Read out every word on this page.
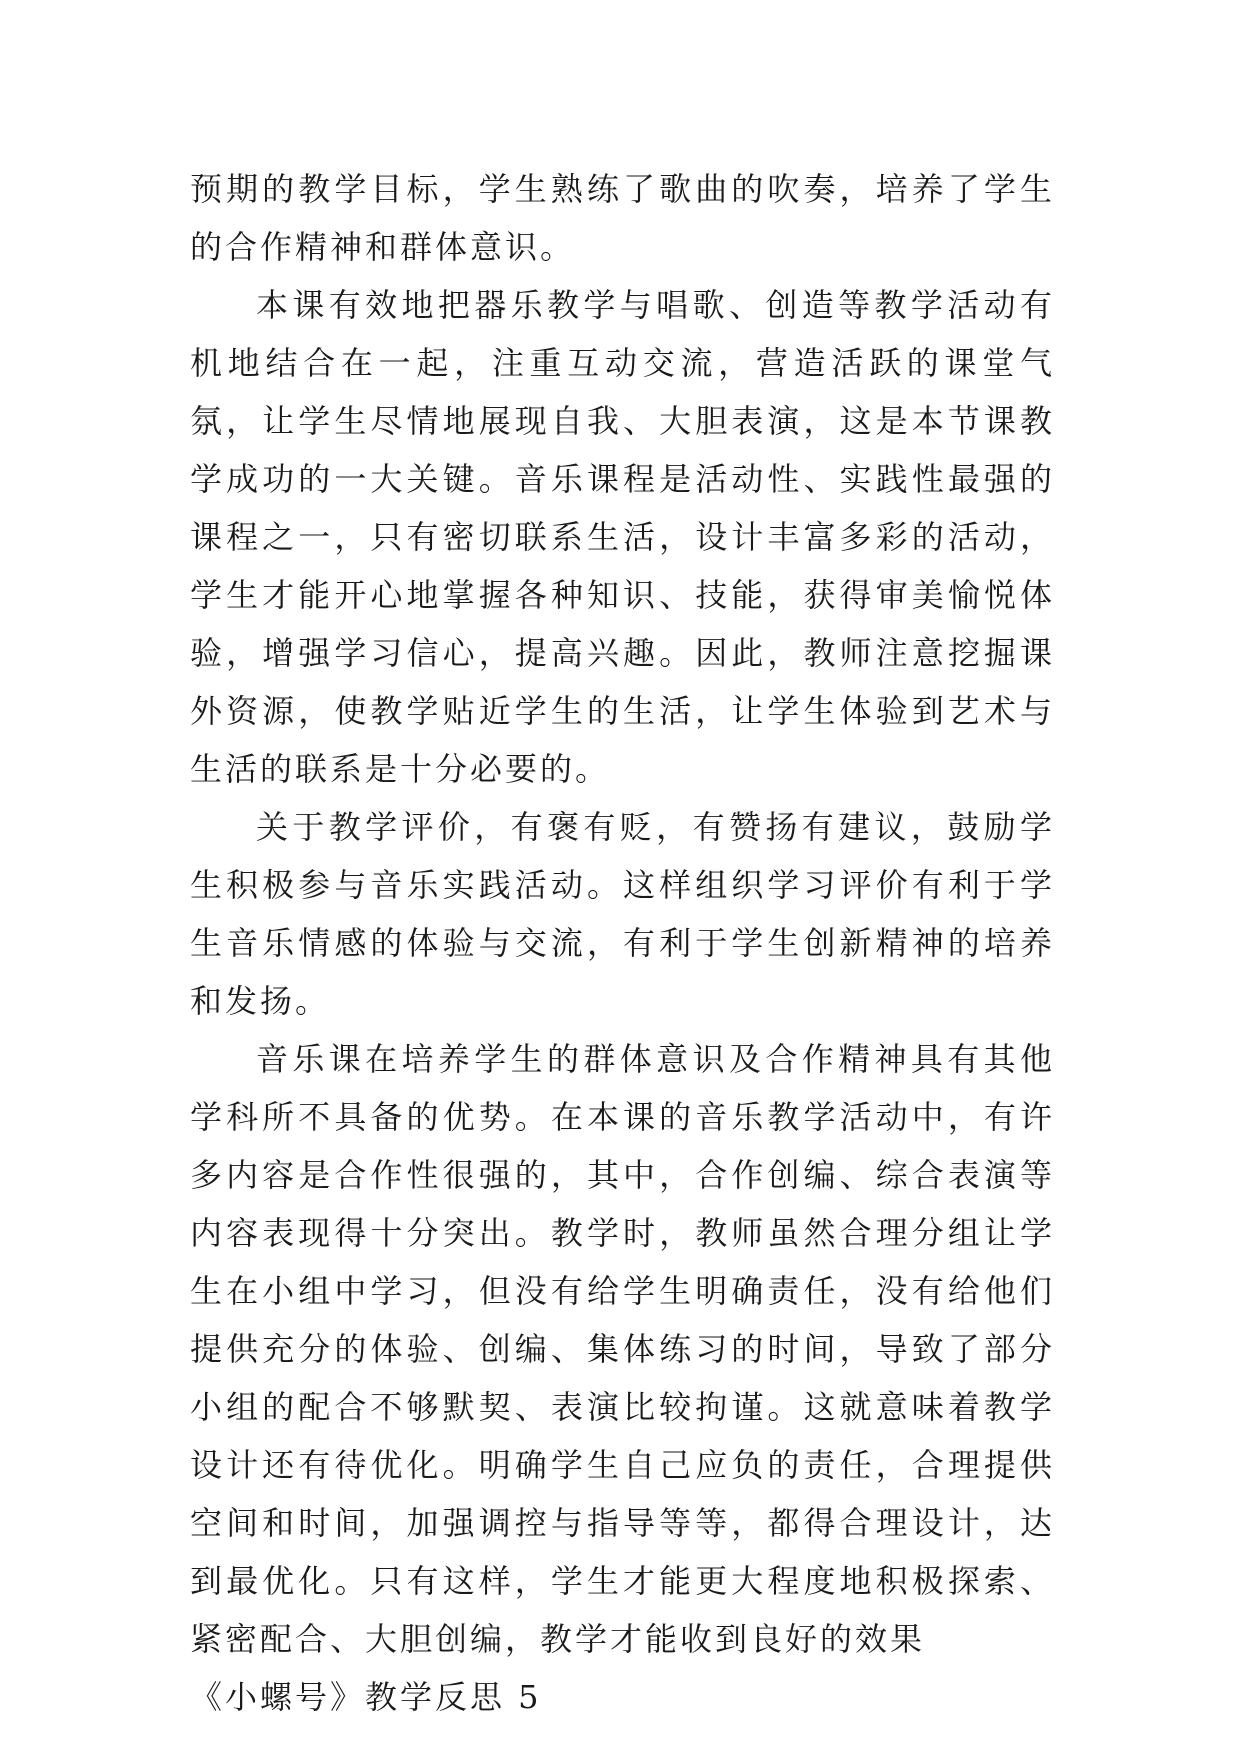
预期的教学目标，学生熟练了歌曲的吹奏，培养了学生的合作精神和群体意识。

本课有效地把器乐教学与唱歌、创造等教学活动有机地结合在一起，注重互动交流，营造活跃的课堂气氛，让学生尽情地展现自我、大胆表演，这是本节课教学成功的一大关键。音乐课程是活动性、实践性最强的课程之一，只有密切联系生活，设计丰富多彩的活动，学生才能开心地掌握各种知识、技能，获得审美愉悦体验，增强学习信心，提高兴趣。因此，教师注意挖掘课外资源，使教学贴近学生的生活，让学生体验到艺术与生活的联系是十分必要的。

关于教学评价，有褒有贬，有赞扬有建议，鼓励学生积极参与音乐实践活动。这样组织学习评价有利于学生音乐情感的体验与交流，有利于学生创新精神的培养和发扬。

音乐课在培养学生的群体意识及合作精神具有其他学科所不具备的优势。在本课的音乐教学活动中，有许多内容是合作性很强的，其中，合作创编、综合表演等内容表现得十分突出。教学时，教师虽然合理分组让学生在小组中学习，但没有给学生明确责任，没有给他们提供充分的体验、创编、集体练习的时间，导致了部分小组的配合不够默契、表演比较拘谨。这就意味着教学设计还有待优化。明确学生自己应负的责任，合理提供空间和时间，加强调控与指导等等，都得合理设计，达到最优化。只有这样，学生才能更大程度地积极探索、紧密配合、大胆创编，教学才能收到良好的效果

《小螺号》教学反思 5
